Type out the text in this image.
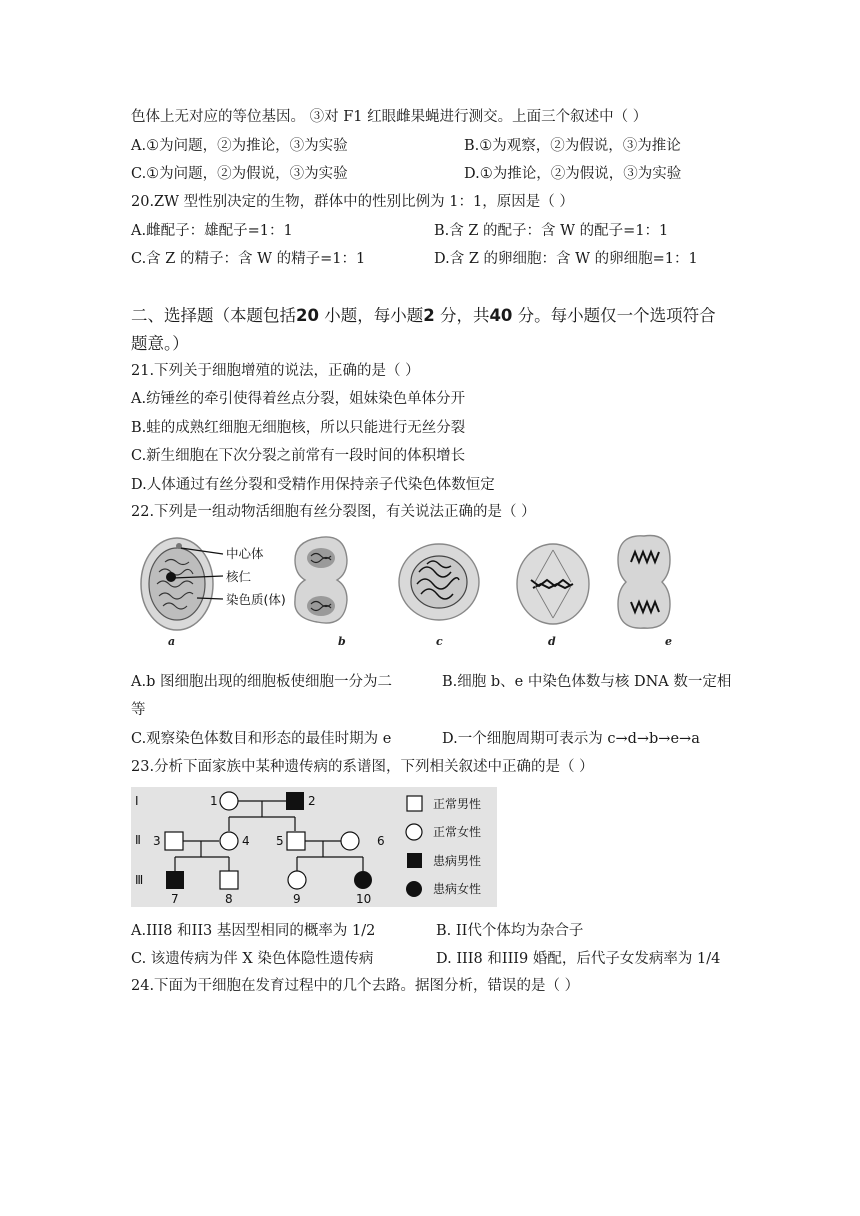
色体上无对应的等位基因。 ③对 F1 红眼雌果蝇进行测交。上面三个叙述中（ ）
A.①为问题，②为推论，③为实验	B.①为观察，②为假说，③为推论
C.①为问题，②为假说，③为实验	D.①为推论，②为假说，③为实验
20.ZW 型性别决定的生物，群体中的性别比例为 1：1，原因是（ ）
A.雌配子：雄配子=1：1	B.含 Z 的配子：含 W 的配子=1：1
C.含 Z 的精子：含 W 的精子=1：1	D.含 Z 的卵细胞：含 W 的卵细胞=1：1
二、选择题（本题包括20 小题，每小题2 分，共40 分。每小题仅一个选项符合
题意。）
21.下列关于细胞增殖的说法，正确的是（ ）
A.纺锤丝的牵引使得着丝点分裂，姐妹染色单体分开
B.蛙的成熟红细胞无细胞核，所以只能进行无丝分裂
C.新生细胞在下次分裂之前常有一段时间的体积增长
D.人体通过有丝分裂和受精作用保持亲子代染色体数恒定
22.下列是一组动物活细胞有丝分裂图，有关说法正确的是（ ）
中心体
核仁
染色质(体)
a	b	c	d	e
A.b 图细胞出现的细胞板使细胞一分为二	B.细胞 b、e 中染色体数与核 DNA 数一定相
等
C.观察染色体数目和形态的最佳时期为 e	D.一个细胞周期可表示为 c→d→b→e→a
23.分析下面家族中某种遗传病的系谱图，下列相关叙述中正确的是（ ）
Ⅰ
Ⅱ
Ⅲ
1	2
3	4 5	6
7	8	9	10
正常男性
正常女性
患病男性
患病女性
A.III8 和II3 基因型相同的概率为 1/2	B. II代个体均为杂合子
C. 该遗传病为伴 X 染色体隐性遗传病	D. III8 和III9 婚配，后代子女发病率为 1/4
24.下面为干细胞在发育过程中的几个去路。据图分析，错误的是（ ）
